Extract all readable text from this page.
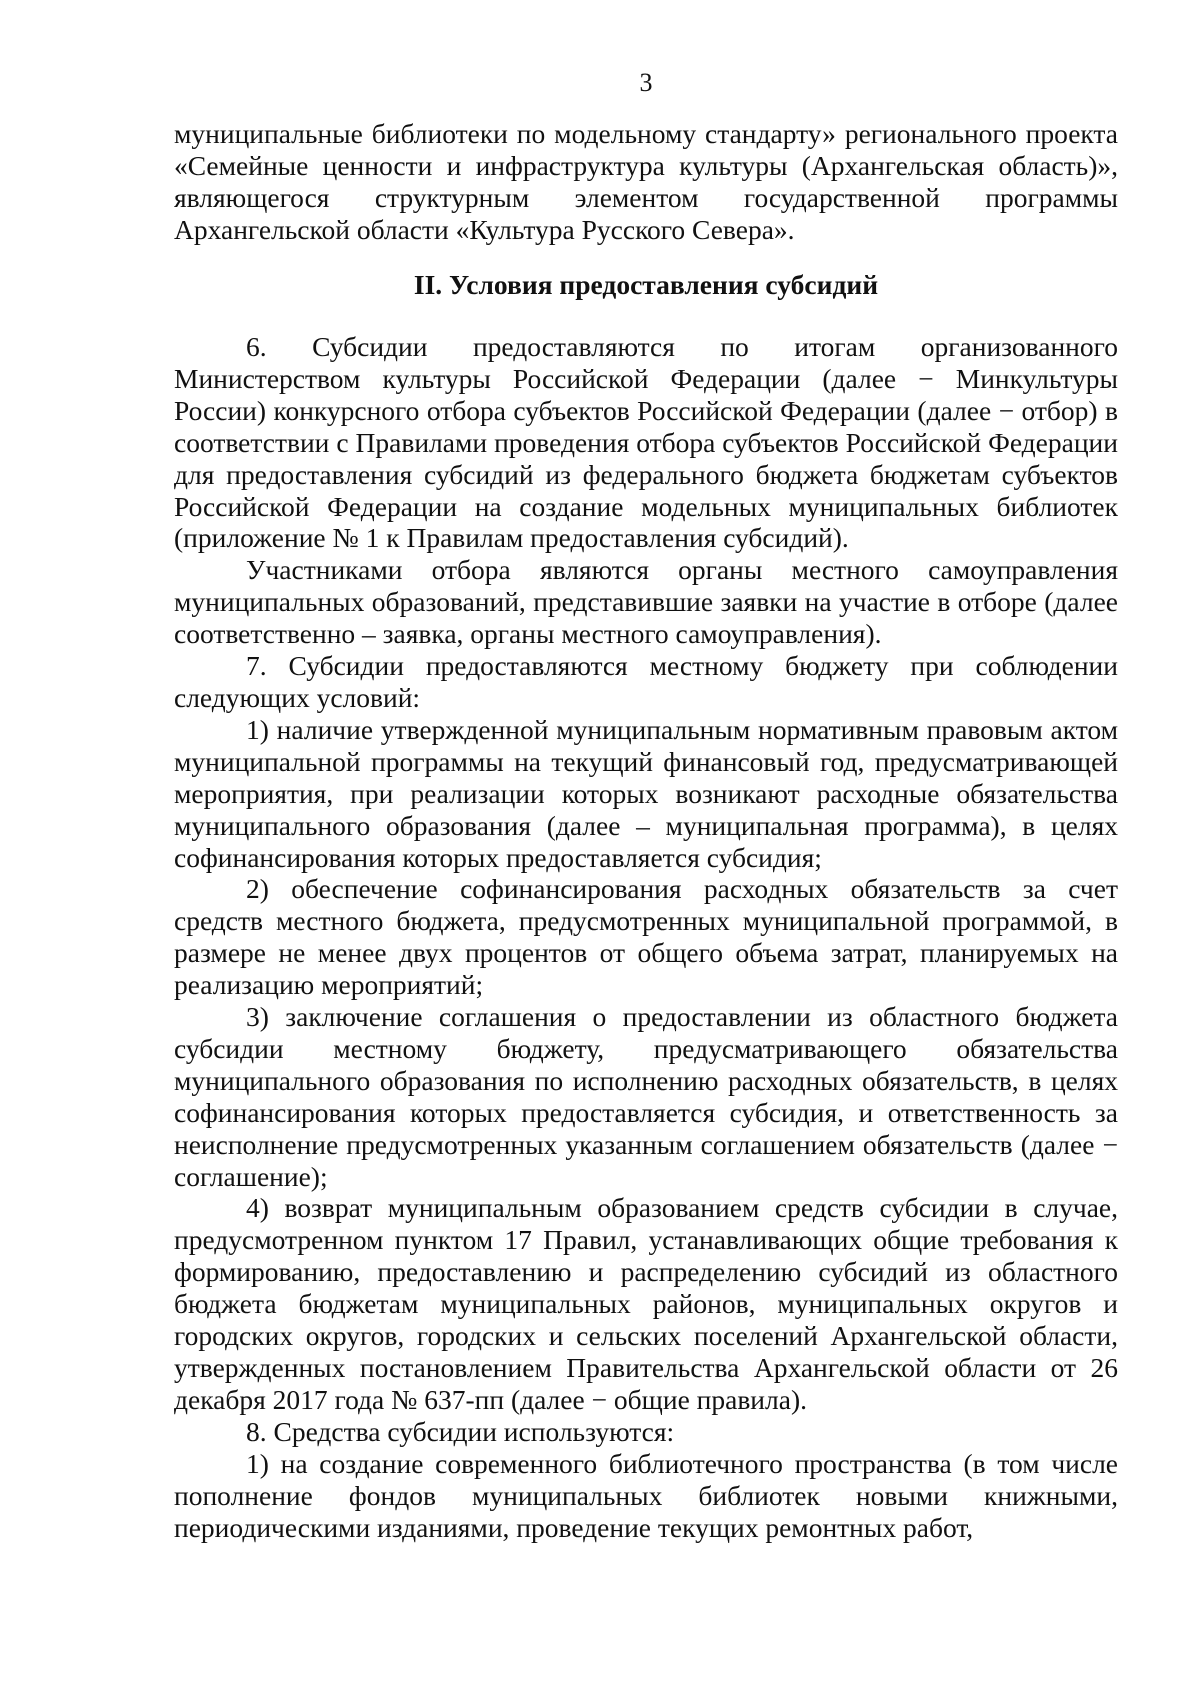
3

муниципальные библиотеки по модельному стандарту» регионального проекта «Семейные ценности и инфраструктура культуры (Архангельская область)», являющегося структурным элементом государственной программы Архангельской области «Культура Русского Севера».

II. Условия предоставления субсидий

6. Субсидии предоставляются по итогам организованного Министерством культуры Российской Федерации (далее − Минкультуры России) конкурсного отбора субъектов Российской Федерации (далее − отбор) в соответствии с Правилами проведения отбора субъектов Российской Федерации для предоставления субсидий из федерального бюджета бюджетам субъектов Российской Федерации на создание модельных муниципальных библиотек (приложение № 1 к Правилам предоставления субсидий).

Участниками отбора являются органы местного самоуправления муниципальных образований, представившие заявки на участие в отборе (далее соответственно – заявка, органы местного самоуправления).

7. Субсидии предоставляются местному бюджету при соблюдении следующих условий:

1) наличие утвержденной муниципальным нормативным правовым актом муниципальной программы на текущий финансовый год, предусматривающей мероприятия, при реализации которых возникают расходные обязательства муниципального образования (далее – муниципальная программа), в целях софинансирования которых предоставляется субсидия;

2) обеспечение софинансирования расходных обязательств за счет средств местного бюджета, предусмотренных муниципальной программой, в размере не менее двух процентов от общего объема затрат, планируемых на реализацию мероприятий;

3) заключение соглашения о предоставлении из областного бюджета субсидии местному бюджету, предусматривающего обязательства муниципального образования по исполнению расходных обязательств, в целях софинансирования которых предоставляется субсидия, и ответственность за неисполнение предусмотренных указанным соглашением обязательств (далее − соглашение);

4) возврат муниципальным образованием средств субсидии в случае, предусмотренном пунктом 17 Правил, устанавливающих общие требования к формированию, предоставлению и распределению субсидий из областного бюджета бюджетам муниципальных районов, муниципальных округов и городских округов, городских и сельских поселений Архангельской области, утвержденных постановлением Правительства Архангельской области от 26 декабря 2017 года № 637-пп (далее − общие правила).

8. Средства субсидии используются:

1) на создание современного библиотечного пространства (в том числе пополнение фондов муниципальных библиотек новыми книжными, периодическими изданиями, проведение текущих ремонтных работ,
